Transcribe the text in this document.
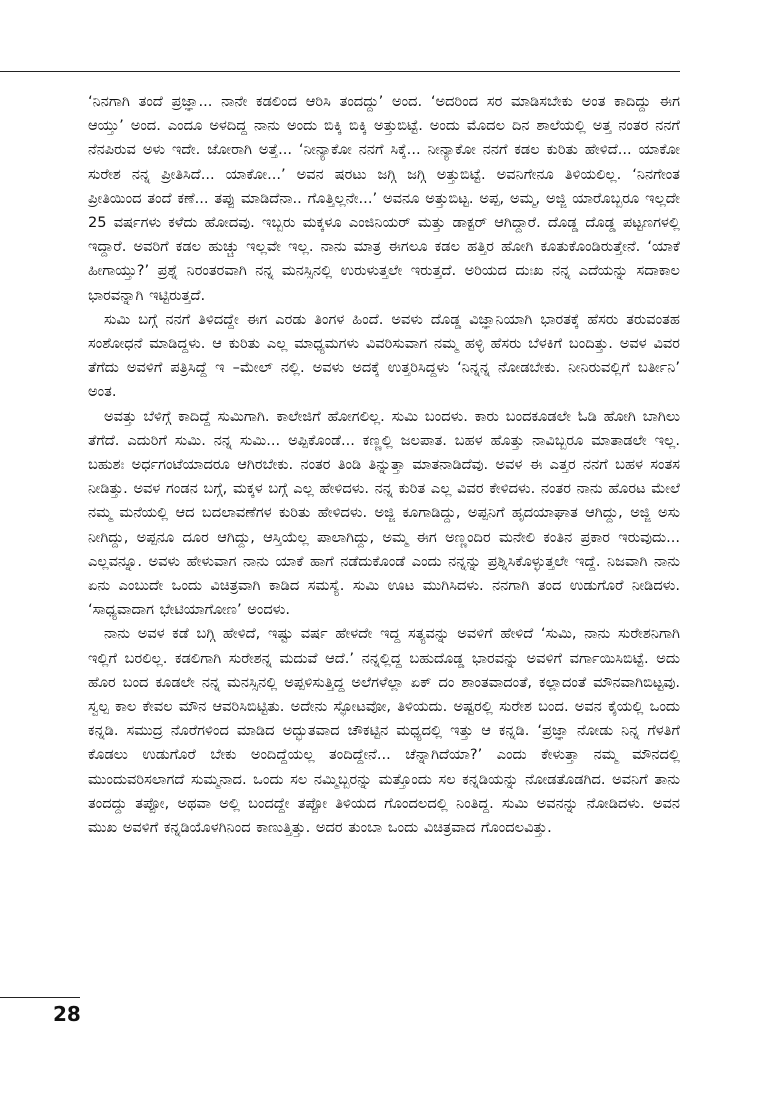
‘ನಿನಗಾಗಿ ತಂದೆ ಪ್ರಜ್ಞಾ... ನಾನೇ ಕಡಲಿಂದ ಆರಿಸಿ ತಂದದ್ದು’ ಅಂದ. ‘ಅದರಿಂದ ಸರ ಮಾಡಿಸಬೇಕು ಅಂತ ಕಾದಿದ್ದು ಈಗ ಆಯ್ತು’ ಅಂದ. ಎಂದೂ ಅಳದಿದ್ದ ನಾನು ಅಂದು ಬಿಕ್ಕಿ ಬಿಕ್ಕಿ ಅತ್ತುಬಿಟ್ಟೆ. ಅಂದು ಮೊದಲ ದಿನ ಶಾಲೆಯಲ್ಲಿ ಅತ್ತ ನಂತರ ನನಗೆ ನೆನಪಿರುವ ಅಳು ಇದೇ. ಜೋರಾಗಿ ಅತ್ತೆ... ‘ನೀನ್ಯಾಕೋ ನನಗೆ ಸಿಕ್ಕೆ... ನೀನ್ಯಾಕೋ ನನಗೆ ಕಡಲ ಕುರಿತು ಹೇಳಿದೆ... ಯಾಕೋ ಸುರೇಶ ನನ್ನ ಪ್ರೀತಿಸಿದೆ... ಯಾಕೋ...’ ಅವನ ಷರಟು ಜಗ್ಗಿ ಜಗ್ಗಿ ಅತ್ತುಬಿಟ್ಟೆ. ಅವನಿಗೇನೂ ತಿಳಿಯಲಿಲ್ಲ. ‘ನಿನಗೇಂತ ಪ್ರೀತಿಯಿಂದ ತಂದೆ ಕಣೆ... ತಪ್ಪು ಮಾಡಿದೆನಾ.. ಗೊತ್ತಿಲ್ಲನೇ...’ ಅವನೂ ಅತ್ತುಬಿಟ್ಟ. ಅಪ್ಪ, ಅಮ್ಮ, ಅಜ್ಜಿ ಯಾರೊಬ್ಬರೂ ಇಲ್ಲದೇ 25 ವರ್ಷಗಳು ಕಳೆದು ಹೋದವು. ಇಬ್ಬರು ಮಕ್ಕಳೂ ಎಂಜಿನಿಯರ್ ಮತ್ತು ಡಾಕ್ಟರ್ ಆಗಿದ್ದಾರೆ. ದೊಡ್ಡ ದೊಡ್ಡ ಪಟ್ಟಣಗಳಲ್ಲಿ ಇದ್ದಾರೆ. ಅವರಿಗೆ ಕಡಲ ಹುಚ್ಚು ಇಲ್ಲವೇ ಇಲ್ಲ. ನಾನು ಮಾತ್ರ ಈಗಲೂ ಕಡಲ ಹತ್ತಿರ ಹೋಗಿ ಕೂತುಕೊಂಡಿರುತ್ತೇನೆ. ‘ಯಾಕೆ ಹೀಗಾಯ್ತು?’ ಪ್ರಶ್ನೆ ನಿರಂತರವಾಗಿ ನನ್ನ ಮನಸ್ಸಿನಲ್ಲಿ ಉರುಳುತ್ತಲೇ ಇರುತ್ತದೆ. ಅರಿಯದ ದುಃಖ ನನ್ನ ಎದೆಯನ್ನು ಸದಾಕಾಲ ಭಾರವನ್ನಾಗಿ ಇಟ್ಟಿರುತ್ತದೆ.

ಸುಮಿ ಬಗ್ಗೆ ನನಗೆ ತಿಳಿದದ್ದೇ ಈಗ ಎರಡು ತಿಂಗಳ ಹಿಂದೆ. ಅವಳು ದೊಡ್ಡ ವಿಜ್ಞಾನಿಯಾಗಿ ಭಾರತಕ್ಕೆ ಹೆಸರು ತರುವಂತಹ ಸಂಶೋಧನೆ ಮಾಡಿದ್ದಳು. ಆ ಕುರಿತು ಎಲ್ಲ ಮಾಧ್ಯಮಗಳು ವಿವರಿಸುವಾಗ ನಮ್ಮ ಹಳ್ಳಿ ಹೆಸರು ಬೆಳಕಿಗೆ ಬಂದಿತ್ತು. ಅವಳ ವಿವರ ತೆಗೆದು ಅವಳಿಗೆ ಪತ್ರಿಸಿದ್ದೆ ಇ –ಮೇಲ್ ನಲ್ಲಿ. ಅವಳು ಅದಕ್ಕೆ ಉತ್ತರಿಸಿದ್ದಳು ‘ನಿನ್ನನ್ನ ನೋಡಬೇಕು. ನೀನಿರುವಲ್ಲಿಗೆ ಬರ್ತೀನಿ’ ಅಂತ.

ಅವತ್ತು ಬೆಳಿಗ್ಗೆ ಕಾದಿದ್ದೆ ಸುಮಿಗಾಗಿ. ಕಾಲೇಜಿಗೆ ಹೋಗಲಿಲ್ಲ. ಸುಮಿ ಬಂದಳು. ಕಾರು ಬಂದಕೂಡಲೇ ಓಡಿ ಹೋಗಿ ಬಾಗಿಲು ತೆಗೆದೆ. ಎದುರಿಗೆ ಸುಮಿ. ನನ್ನ ಸುಮಿ... ಅಪ್ಪಿಕೊಂಡೆ... ಕಣ್ಣಲ್ಲಿ ಜಲಪಾತ. ಬಹಳ ಹೊತ್ತು ನಾವಿಬ್ಬರೂ ಮಾತಾಡಲೇ ಇಲ್ಲ. ಬಹುಶಃ ಅರ್ಧಗಂಟೆಯಾದರೂ ಆಗಿರಬೇಕು. ನಂತರ ತಿಂಡಿ ತಿನ್ನುತ್ತಾ ಮಾತನಾಡಿದೆವು. ಅವಳ ಈ ಎತ್ತರ ನನಗೆ ಬಹಳ ಸಂತಸ ನೀಡಿತ್ತು. ಅವಳ ಗಂಡನ ಬಗ್ಗೆ, ಮಕ್ಕಳ ಬಗ್ಗೆ ಎಲ್ಲ ಹೇಳಿದಳು. ನನ್ನ ಕುರಿತ ಎಲ್ಲ ವಿವರ ಕೇಳಿದಳು. ನಂತರ ನಾನು ಹೊರಟ ಮೇಲೆ ನಮ್ಮ ಮನೆಯಲ್ಲಿ ಆದ ಬದಲಾವಣೆಗಳ ಕುರಿತು ಹೇಳಿದಳು. ಅಜ್ಜಿ ಕೂಗಾಡಿದ್ದು, ಅಪ್ಪನಿಗೆ ಹೃದಯಾಘಾತ ಆಗಿದ್ದು, ಅಜ್ಜಿ ಅಸು ನೀಗಿದ್ದು, ಅಪ್ಪನೂ ದೂರ ಆಗಿದ್ದು, ಆಸ್ತಿಯೆಲ್ಲ ಪಾಲಾಗಿದ್ದು, ಅಮ್ಮ ಈಗ ಅಣ್ಣಂದಿರ ಮನೇಲಿ ಕಂತಿನ ಪ್ರಕಾರ ಇರುವುದು... ಎಲ್ಲವನ್ನೂ. ಅವಳು ಹೇಳುವಾಗ ನಾನು ಯಾಕೆ ಹಾಗೆ ನಡೆದುಕೊಂಡೆ ಎಂದು ನನ್ನನ್ನು ಪ್ರಶ್ನಿಸಿಕೊಳ್ಳುತ್ತಲೇ ಇದ್ದೆ. ನಿಜವಾಗಿ ನಾನು ಏನು ಎಂಬುದೇ ಒಂದು ವಿಚಿತ್ರವಾಗಿ ಕಾಡಿದ ಸಮಸ್ಯೆ. ಸುಮಿ ಊಟ ಮುಗಿಸಿದಳು. ನನಗಾಗಿ ತಂದ ಉಡುಗೊರೆ ನೀಡಿದಳು. ‘ಸಾಧ್ಯವಾದಾಗ ಭೇಟಿಯಾಗೋಣ’ ಅಂದಳು.

ನಾನು ಅವಳ ಕಡೆ ಬಗ್ಗಿ ಹೇಳಿದೆ, ಇಷ್ಟು ವರ್ಷ ಹೇಳದೇ ಇದ್ದ ಸತ್ಯವನ್ನು ಅವಳಿಗೆ ಹೇಳಿದೆ ‘ಸುಮಿ, ನಾನು ಸುರೇಶನಿಗಾಗಿ ಇಲ್ಲಿಗೆ ಬರಲಿಲ್ಲ. ಕಡಲಿಗಾಗಿ ಸುರೇಶನ್ನ ಮದುವೆ ಆದೆ.’ ನನ್ನಲ್ಲಿದ್ದ ಬಹುದೊಡ್ಡ ಭಾರವನ್ನು ಅವಳಿಗೆ ವರ್ಗಾಯಿಸಿಬಿಟ್ಟೆ. ಅದು ಹೊರ ಬಂದ ಕೂಡಲೇ ನನ್ನ ಮನಸ್ಸಿನಲ್ಲಿ ಅಪ್ಪಳಿಸುತ್ತಿದ್ದ ಅಲೆಗಳೆಲ್ಲಾ ಏಕ್ ದಂ ಶಾಂತವಾದಂತೆ, ಕಲ್ಲಾದಂತೆ ಮೌನವಾಗಿಬಿಟ್ಟವು. ಸ್ವಲ್ಪ ಕಾಲ ಕೇವಲ ಮೌನ ಆವರಿಸಿಬಿಟ್ಟಿತು. ಅದೇನು ಸ್ಫೋಟವೋ, ತಿಳಿಯದು. ಅಷ್ಟರಲ್ಲಿ ಸುರೇಶ ಬಂದ. ಅವನ ಕೈಯಲ್ಲಿ ಒಂದು ಕನ್ನಡಿ. ಸಮುದ್ರ ನೊರೆಗಳಿಂದ ಮಾಡಿದ ಅದ್ಭುತವಾದ ಚೌಕಟ್ಟಿನ ಮಧ್ಯದಲ್ಲಿ ಇತ್ತು ಆ ಕನ್ನಡಿ. ‘ಪ್ರಜ್ಞಾ ನೋಡು ನಿನ್ನ ಗೆಳತಿಗೆ ಕೊಡಲು ಉಡುಗೊರೆ ಬೇಕು ಅಂದಿದ್ದೆಯಲ್ಲ ತಂದಿದ್ದೇನೆ... ಚೆನ್ನಾಗಿದೆಯಾ?’ ಎಂದು ಕೇಳುತ್ತಾ ನಮ್ಮ ಮೌನದಲ್ಲಿ ಮುಂದುವರಿಸಲಾಗದೆ ಸುಮ್ಮನಾದ. ಒಂದು ಸಲ ನಮ್ಮಿಬ್ಬರನ್ನು ಮತ್ತೊಂದು ಸಲ ಕನ್ನಡಿಯನ್ನು ನೋಡತೊಡಗಿದ. ಅವನಿಗೆ ತಾನು ತಂದದ್ದು ತಪ್ಪೋ, ಅಥವಾ ಅಲ್ಲಿ ಬಂದದ್ದೇ ತಪ್ಪೋ ತಿಳಿಯದ ಗೊಂದಲದಲ್ಲಿ ನಿಂತಿದ್ದ. ಸುಮಿ ಅವನನ್ನು ನೋಡಿದಳು. ಅವನ ಮುಖ ಅವಳಿಗೆ ಕನ್ನಡಿಯೊಳಗಿನಿಂದ ಕಾಣುತ್ತಿತ್ತು. ಅದರ ತುಂಬಾ ಒಂದು ವಿಚಿತ್ರವಾದ ಗೊಂದಲವಿತ್ತು.

28
